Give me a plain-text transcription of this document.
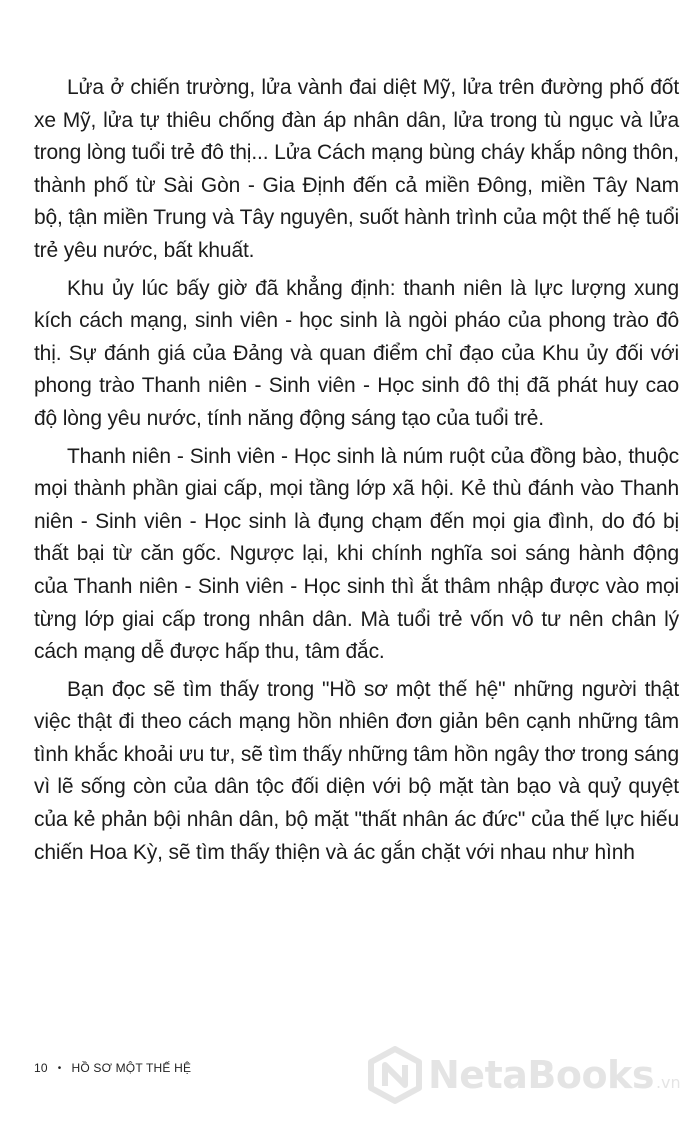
Lửa ở chiến trường, lửa vành đai diệt Mỹ, lửa trên đường phố đốt xe Mỹ, lửa tự thiêu chống đàn áp nhân dân, lửa trong tù ngục và lửa trong lòng tuổi trẻ đô thị... Lửa Cách mạng bùng cháy khắp nông thôn, thành phố từ Sài Gòn - Gia Định đến cả miền Đông, miền Tây Nam bộ, tận miền Trung và Tây nguyên, suốt hành trình của một thế hệ tuổi trẻ yêu nước, bất khuất.

Khu ủy lúc bấy giờ đã khẳng định: thanh niên là lực lượng xung kích cách mạng, sinh viên - học sinh là ngòi pháo của phong trào đô thị. Sự đánh giá của Đảng và quan điểm chỉ đạo của Khu ủy đối với phong trào Thanh niên - Sinh viên - Học sinh đô thị đã phát huy cao độ lòng yêu nước, tính năng động sáng tạo của tuổi trẻ.

Thanh niên - Sinh viên - Học sinh là núm ruột của đồng bào, thuộc mọi thành phần giai cấp, mọi tầng lớp xã hội. Kẻ thù đánh vào Thanh niên - Sinh viên - Học sinh là đụng chạm đến mọi gia đình, do đó bị thất bại từ căn gốc. Ngược lại, khi chính nghĩa soi sáng hành động của Thanh niên - Sinh viên - Học sinh thì ắt thâm nhập được vào mọi từng lớp giai cấp trong nhân dân. Mà tuổi trẻ vốn vô tư nên chân lý cách mạng dễ được hấp thu, tâm đắc.

Bạn đọc sẽ tìm thấy trong "Hồ sơ một thế hệ" những người thật việc thật đi theo cách mạng hồn nhiên đơn giản bên cạnh những tâm tình khắc khoải ưu tư, sẽ tìm thấy những tâm hồn ngây thơ trong sáng vì lẽ sống còn của dân tộc đối diện với bộ mặt tàn bạo và quỷ quyệt của kẻ phản bội nhân dân, bộ mặt "thất nhân ác đức" của thế lực hiếu chiến Hoa Kỳ, sẽ tìm thấy thiện và ác gắn chặt với nhau như hình

10 • HỒ SƠ MỘT THẾ HỆ	NetaBooks .vn
